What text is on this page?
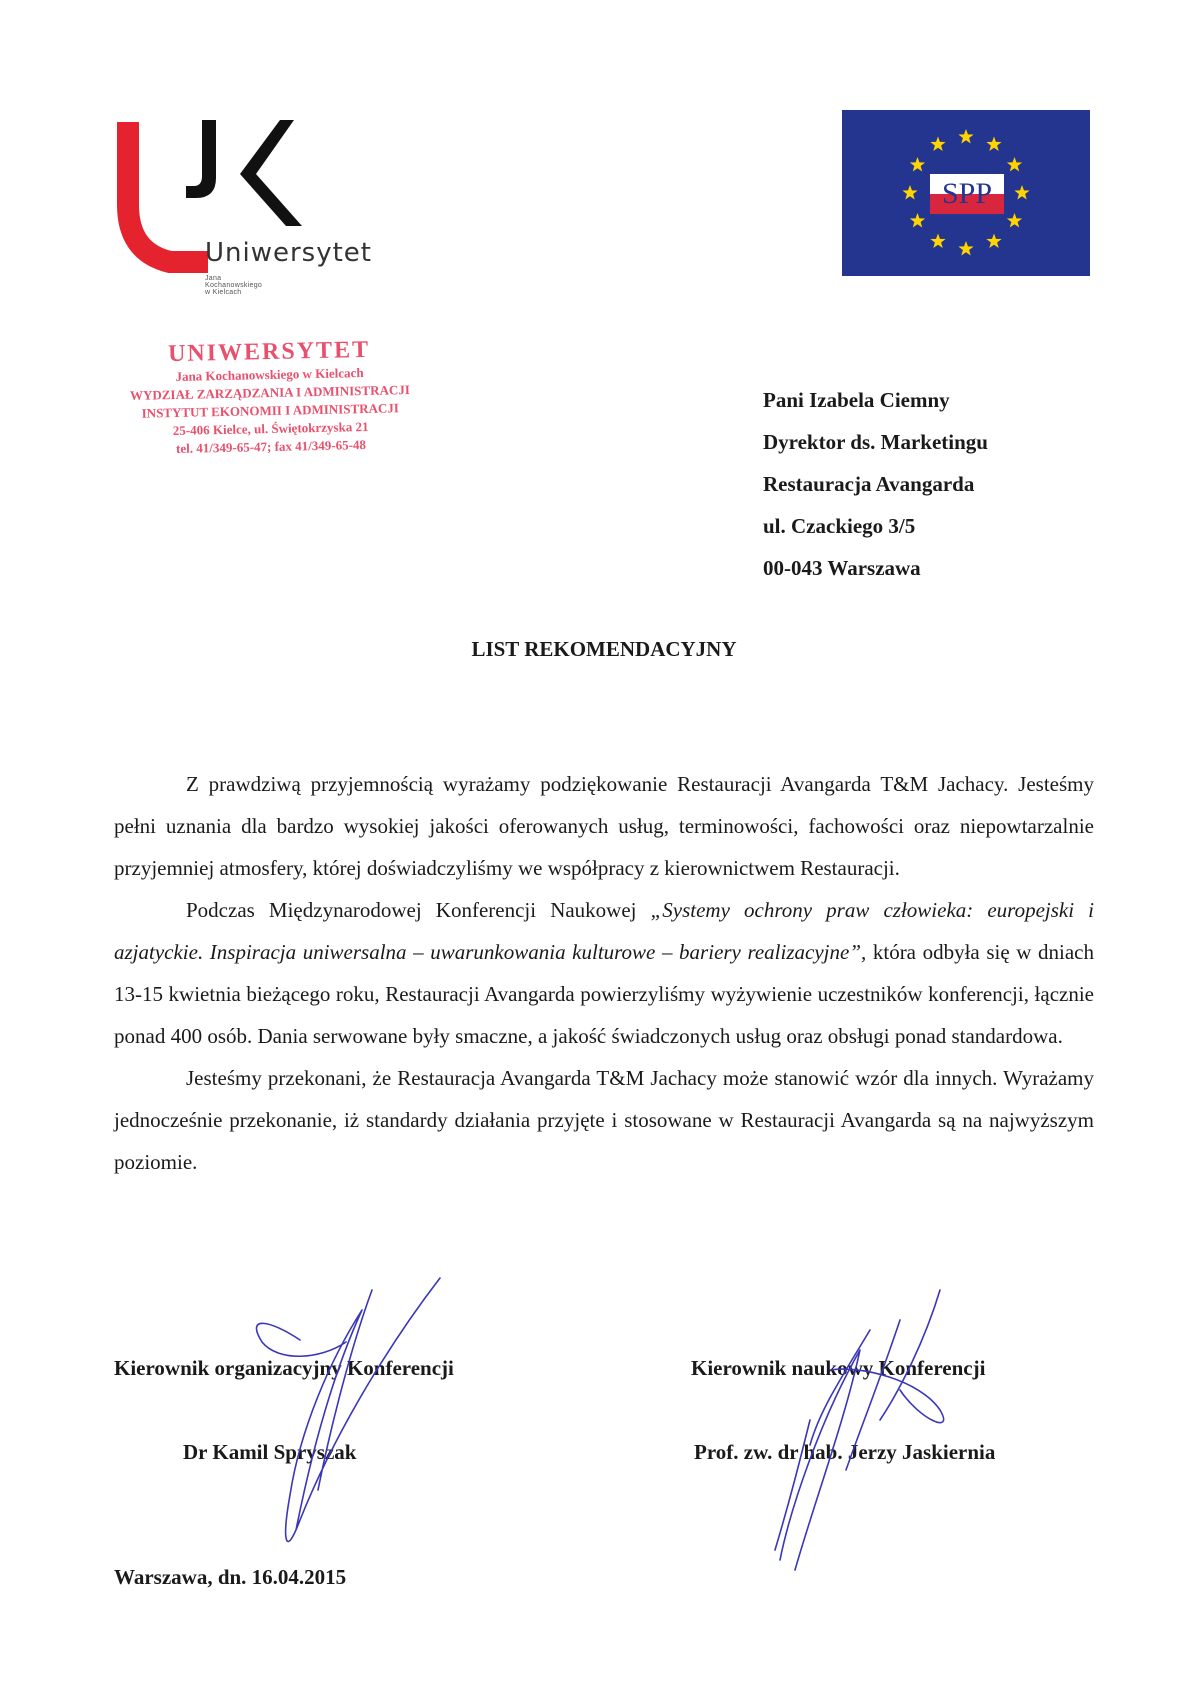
Uniwersytet
Jana Kochanowskiego w Kielcach
SPP
UNIWERSYTET
Jana Kochanowskiego w Kielcach
WYDZIAŁ ZARZĄDZANIA I ADMINISTRACJI
INSTYTUT EKONOMII I ADMINISTRACJI
25-406 Kielce, ul. Świętokrzyska 21
tel. 41/349-65-47; fax 41/349-65-48
Pani Izabela Ciemny
Dyrektor ds. Marketingu
Restauracja Avangarda
ul. Czackiego 3/5
00-043 Warszawa
LIST REKOMENDACYJNY

Z prawdziwą przyjemnością wyrażamy podziękowanie Restauracji Avangarda T&M Jachacy. Jesteśmy pełni uznania dla bardzo wysokiej jakości oferowanych usług, terminowości, fachowości oraz niepowtarzalnie przyjemniej atmosfery, której doświadczyliśmy we współpracy z kierownictwem Restauracji.

Podczas Międzynarodowej Konferencji Naukowej „Systemy ochrony praw człowieka: europejski i azjatyckie. Inspiracja uniwersalna – uwarunkowania kulturowe – bariery realizacyjne”, która odbyła się w dniach 13-15 kwietnia bieżącego roku, Restauracji Avangarda powierzyliśmy wyżywienie uczestników konferencji, łącznie ponad 400 osób. Dania serwowane były smaczne, a jakość świadczonych usług oraz obsługi ponad standardowa.

Jesteśmy przekonani, że Restauracja Avangarda T&M Jachacy może stanowić wzór dla innych. Wyrażamy jednocześnie przekonanie, iż standardy działania przyjęte i stosowane w Restauracji Avangarda są na najwyższym poziomie.

Kierownik organizacyjny Konferencji
Dr Kamil Spryszak
Kierownik naukowy Konferencji
Prof. zw. dr hab. Jerzy Jaskiernia
Warszawa, dn. 16.04.2015
